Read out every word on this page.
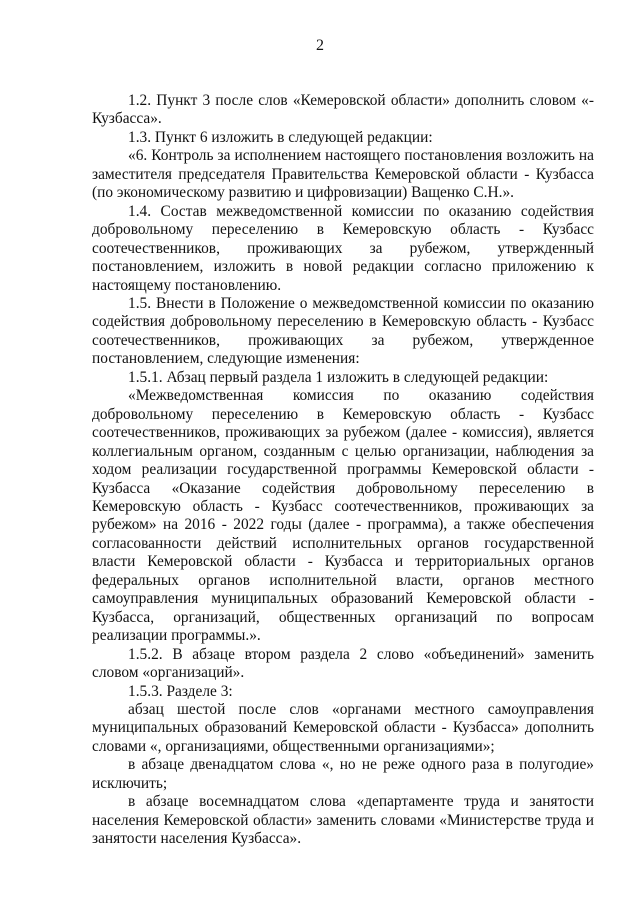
2

1.2. Пункт 3 после слов «Кемеровской области» дополнить словом «- Кузбасса».

1.3. Пункт 6 изложить в следующей редакции:

«6. Контроль за исполнением настоящего постановления возложить на заместителя председателя Правительства Кемеровской области - Кузбасса (по экономическому развитию и цифровизации) Ващенко С.Н.».

1.4. Состав межведомственной комиссии по оказанию содействия добровольному переселению в Кемеровскую область - Кузбасс соотечественников, проживающих за рубежом, утвержденный постановлением, изложить в новой редакции согласно приложению к настоящему постановлению.

1.5. Внести в Положение о межведомственной комиссии по оказанию содействия добровольному переселению в Кемеровскую область - Кузбасс соотечественников, проживающих за рубежом, утвержденное постановлением, следующие изменения:

1.5.1. Абзац первый раздела 1 изложить в следующей редакции:

«Межведомственная комиссия по оказанию содействия добровольному переселению в Кемеровскую область - Кузбасс соотечественников, проживающих за рубежом (далее - комиссия), является коллегиальным органом, созданным с целью организации, наблюдения за ходом реализации государственной программы Кемеровской области - Кузбасса «Оказание содействия добровольному переселению в Кемеровскую область - Кузбасс соотечественников, проживающих за рубежом» на 2016 - 2022 годы (далее - программа), а также обеспечения согласованности действий исполнительных органов государственной власти Кемеровской области - Кузбасса и территориальных органов федеральных органов исполнительной власти, органов местного самоуправления муниципальных образований Кемеровской области - Кузбасса, организаций, общественных организаций по вопросам реализации программы.».

1.5.2. В абзаце втором раздела 2 слово «объединений» заменить словом «организаций».

1.5.3. Разделе 3:

абзац шестой после слов «органами местного самоуправления муниципальных образований Кемеровской области - Кузбасса» дополнить словами «, организациями, общественными организациями»;

в абзаце двенадцатом слова «, но не реже одного раза в полугодие» исключить;

в абзаце восемнадцатом слова «департаменте труда и занятости населения Кемеровской области» заменить словами «Министерстве труда и занятости населения Кузбасса».
